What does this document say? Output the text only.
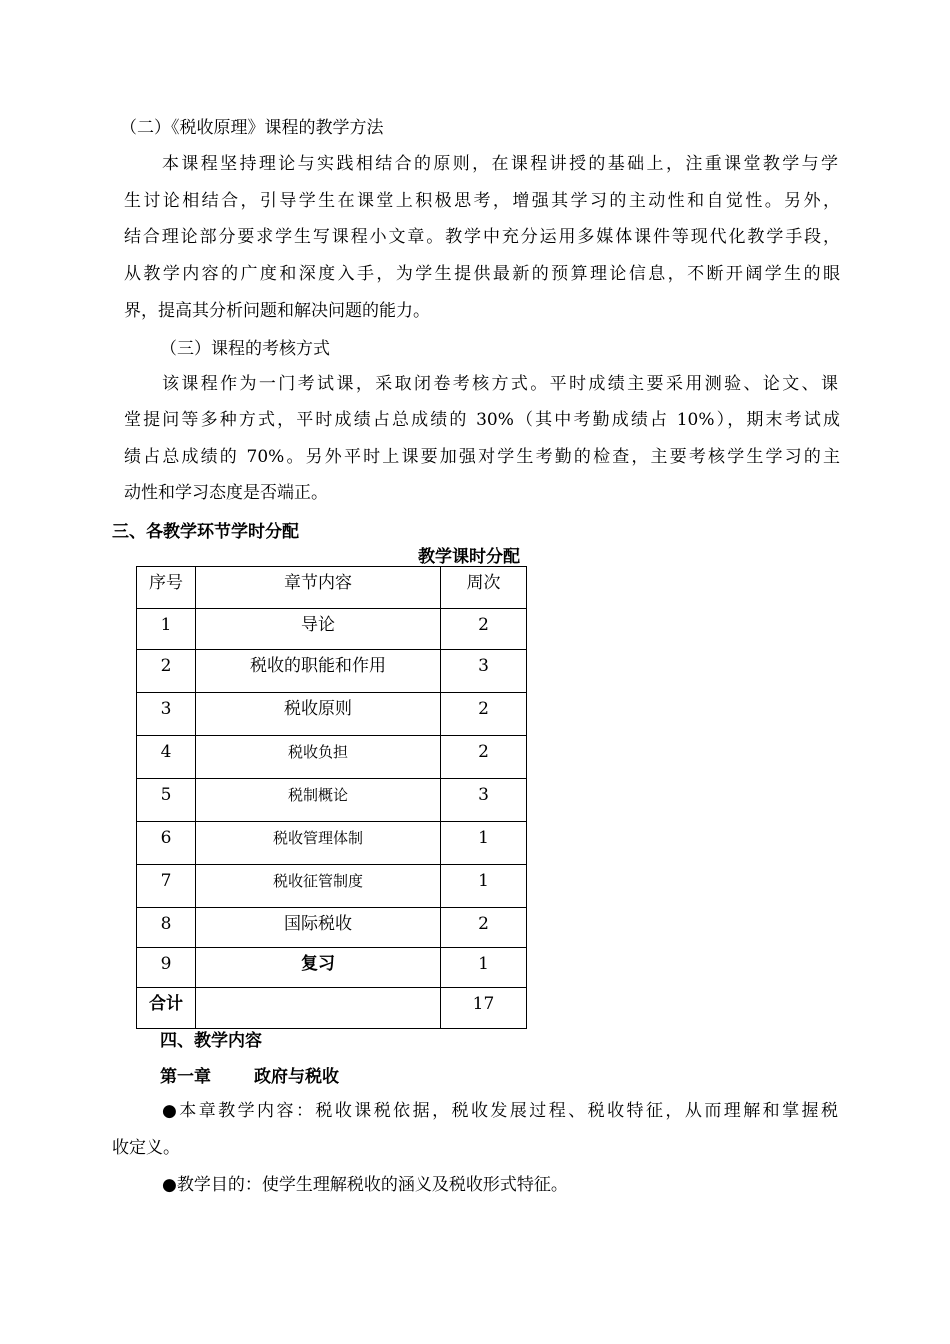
（二）《税收原理》课程的教学方法
本课程坚持理论与实践相结合的原则，在课程讲授的基础上，注重课堂教学与学
生讨论相结合，引导学生在课堂上积极思考，增强其学习的主动性和自觉性。另外，
结合理论部分要求学生写课程小文章。教学中充分运用多媒体课件等现代化教学手段，
从教学内容的广度和深度入手，为学生提供最新的预算理论信息，不断开阔学生的眼
界，提高其分析问题和解决问题的能力。
（三）课程的考核方式
该课程作为一门考试课，采取闭卷考核方式。平时成绩主要采用测验、论文、课
堂提问等多种方式，平时成绩占总成绩的 30%（其中考勤成绩占 10%），期末考试成
绩占总成绩的 70%。另外平时上课要加强对学生考勤的检查，主要考核学生学习的主
动性和学习态度是否端正。
三、各教学环节学时分配
教学课时分配
序号	章节内容	周次

1	导论	2

2	税收的职能和作用	3

3	税收原则	2

4	税收负担	2

5	税制概论	3

6	税收管理体制	1

7	税收征管制度	1

8	国际税收	2

9	复习	1

合计		17
四、教学内容
第一章	政府与税收
●本章教学内容：税收课税依据，税收发展过程、税收特征，从而理解和掌握税
收定义。
●教学目的：使学生理解税收的涵义及税收形式特征。
